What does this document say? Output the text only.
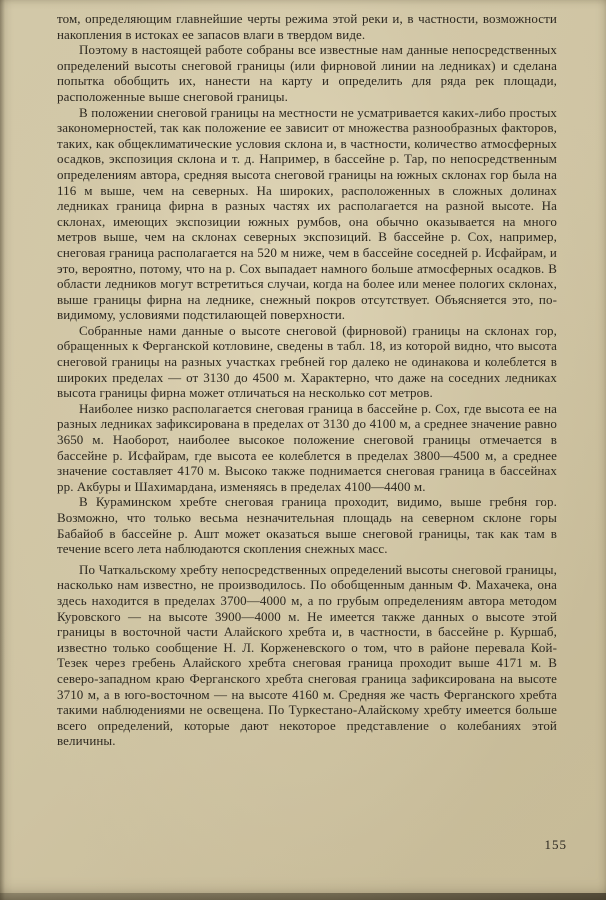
том, определяющим главнейшие черты режима этой реки и, в частности, возможности накопления в истоках ее запасов влаги в твердом виде.

Поэтому в настоящей работе собраны все известные нам данные непосредственных определений высоты снеговой границы (или фирновой линии на ледниках) и сделана попытка обобщить их, нанести на карту и определить для ряда рек площади, расположенные выше снеговой границы.

В положении снеговой границы на местности не усматривается каких-либо простых закономерностей, так как положение ее зависит от множества разнообразных факторов, таких, как общеклиматические условия склона и, в частности, количество атмосферных осадков, экспозиция склона и т. д. Например, в бассейне р. Тар, по непосредственным определениям автора, средняя высота снеговой границы на южных склонах гор была на 116 м выше, чем на северных. На широких, расположенных в сложных долинах ледниках граница фирна в разных частях их располагается на разной высоте. На склонах, имеющих экспозиции южных румбов, она обычно оказывается на много метров выше, чем на склонах северных экспозиций. В бассейне р. Сох, например, снеговая граница располагается на 520 м ниже, чем в бассейне соседней р. Исфайрам, и это, вероятно, потому, что на р. Сох выпадает намного больше атмосферных осадков. В области ледников могут встретиться случаи, когда на более или менее пологих склонах, выше границы фирна на леднике, снежный покров отсутствует. Объясняется это, по-видимому, условиями подстилающей поверхности.

Собранные нами данные о высоте снеговой (фирновой) границы на склонах гор, обращенных к Ферганской котловине, сведены в табл. 18, из которой видно, что высота снеговой границы на разных участках гребней гор далеко не одинакова и колеблется в широких пределах — от 3130 до 4500 м. Характерно, что даже на соседних ледниках высота границы фирна может отличаться на несколько сот метров.

Наиболее низко располагается снеговая граница в бассейне р. Сох, где высота ее на разных ледниках зафиксирована в пределах от 3130 до 4100 м, а среднее значение равно 3650 м. Наоборот, наиболее высокое положение снеговой границы отмечается в бассейне р. Исфайрам, где высота ее колеблется в пределах 3800—4500 м, а среднее значение составляет 4170 м. Высоко также поднимается снеговая граница в бассейнах рр. Акбуры и Шахимардана, изменяясь в пределах 4100—4400 м.

В Кураминском хребте снеговая граница проходит, видимо, выше гребня гор. Возможно, что только весьма незначительная площадь на северном склоне горы Бабайоб в бассейне р. Ашт может оказаться выше снеговой границы, так как там в течение всего лета наблюдаются скопления снежных масс.

По Чаткальскому хребту непосредственных определений высоты снеговой границы, насколько нам известно, не производилось. По обобщенным данным Ф. Махачека, она здесь находится в пределах 3700—4000 м, а по грубым определениям автора методом Куровского — на высоте 3900—4000 м. Не имеется также данных о высоте этой границы в восточной части Алайского хребта и, в частности, в бассейне р. Куршаб, известно только сообщение Н. Л. Корженевского о том, что в районе перевала Кой-Тезек через гребень Алайского хребта снеговая граница проходит выше 4171 м. В северо-западном краю Ферганского хребта снеговая граница зафиксирована на высоте 3710 м, а в юго-восточном — на высоте 4160 м. Средняя же часть Ферганского хребта такими наблюдениями не освещена. По Туркестано-Алайскому хребту имеется больше всего определений, которые дают некоторое представление о колебаниях этой величины.

155
